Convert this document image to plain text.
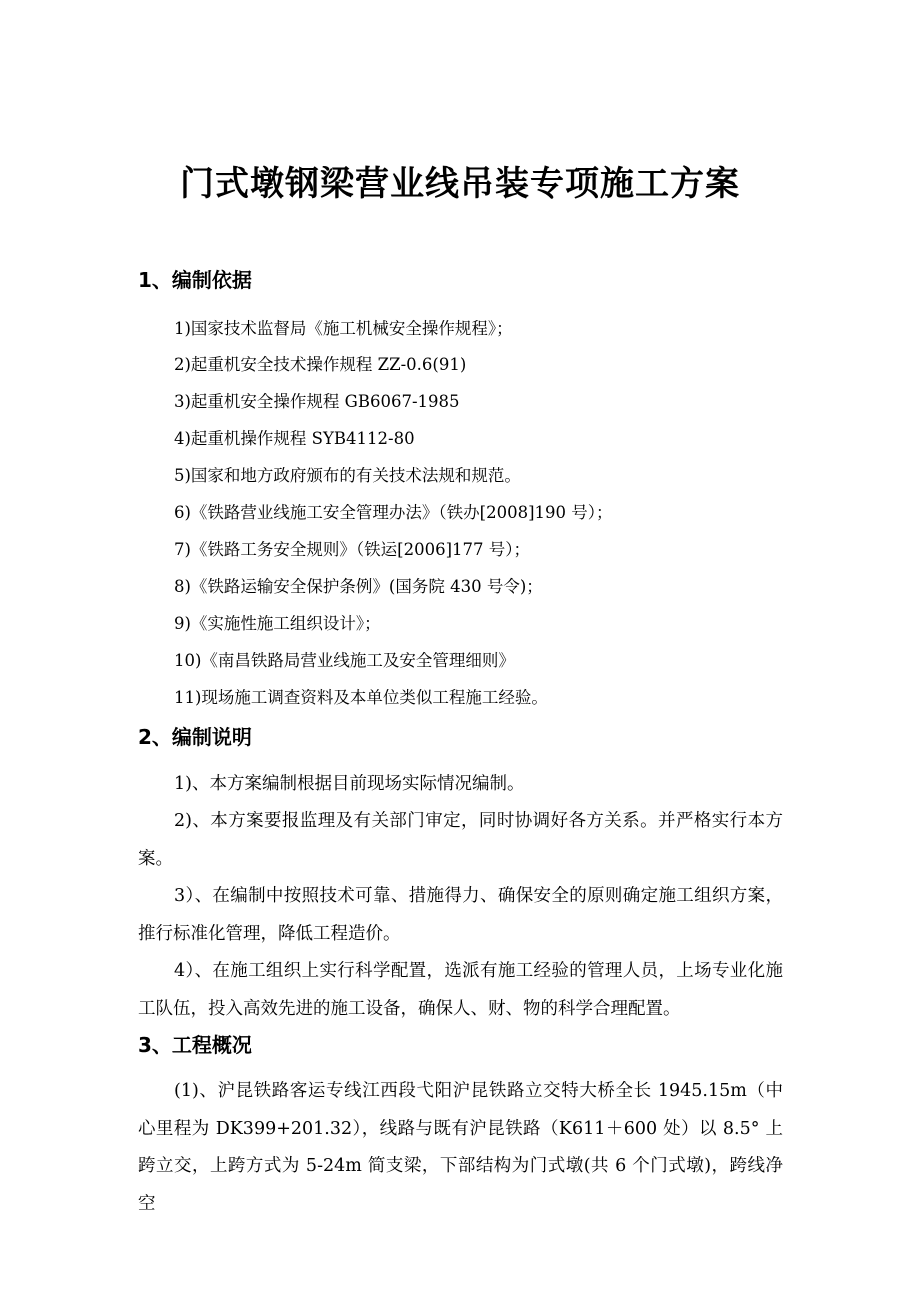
门式墩钢梁营业线吊装专项施工方案
1、编制依据

1)国家技术监督局《施工机械安全操作规程》；

2)起重机安全技术操作规程 ZZ-0.6(91)

3)起重机安全操作规程 GB6067-1985

4)起重机操作规程 SYB4112-80

5)国家和地方政府颁布的有关技术法规和规范。

6)《铁路营业线施工安全管理办法》（铁办[2008]190 号）；

7)《铁路工务安全规则》（铁运[2006]177 号）；

8)《铁路运输安全保护条例》(国务院 430 号令)；

9)《实施性施工组织设计》；

10)《南昌铁路局营业线施工及安全管理细则》

11)现场施工调查资料及本单位类似工程施工经验。

2、编制说明

1)、本方案编制根据目前现场实际情况编制。

2)、本方案要报监理及有关部门审定，同时协调好各方关系。并严格实行本方案。

3）、在编制中按照技术可靠、措施得力、确保安全的原则确定施工组织方案，推行标准化管理，降低工程造价。

4）、在施工组织上实行科学配置，选派有施工经验的管理人员，上场专业化施工队伍，投入高效先进的施工设备，确保人、财、物的科学合理配置。

3、工程概况

(1)、沪昆铁路客运专线江西段弋阳沪昆铁路立交特大桥全长 1945.15m（中心里程为 DK399+201.32），线路与既有沪昆铁路（K611＋600 处）以 8.5° 上跨立交，上跨方式为 5-24m 简支梁，下部结构为门式墩(共 6 个门式墩)，跨线净空
